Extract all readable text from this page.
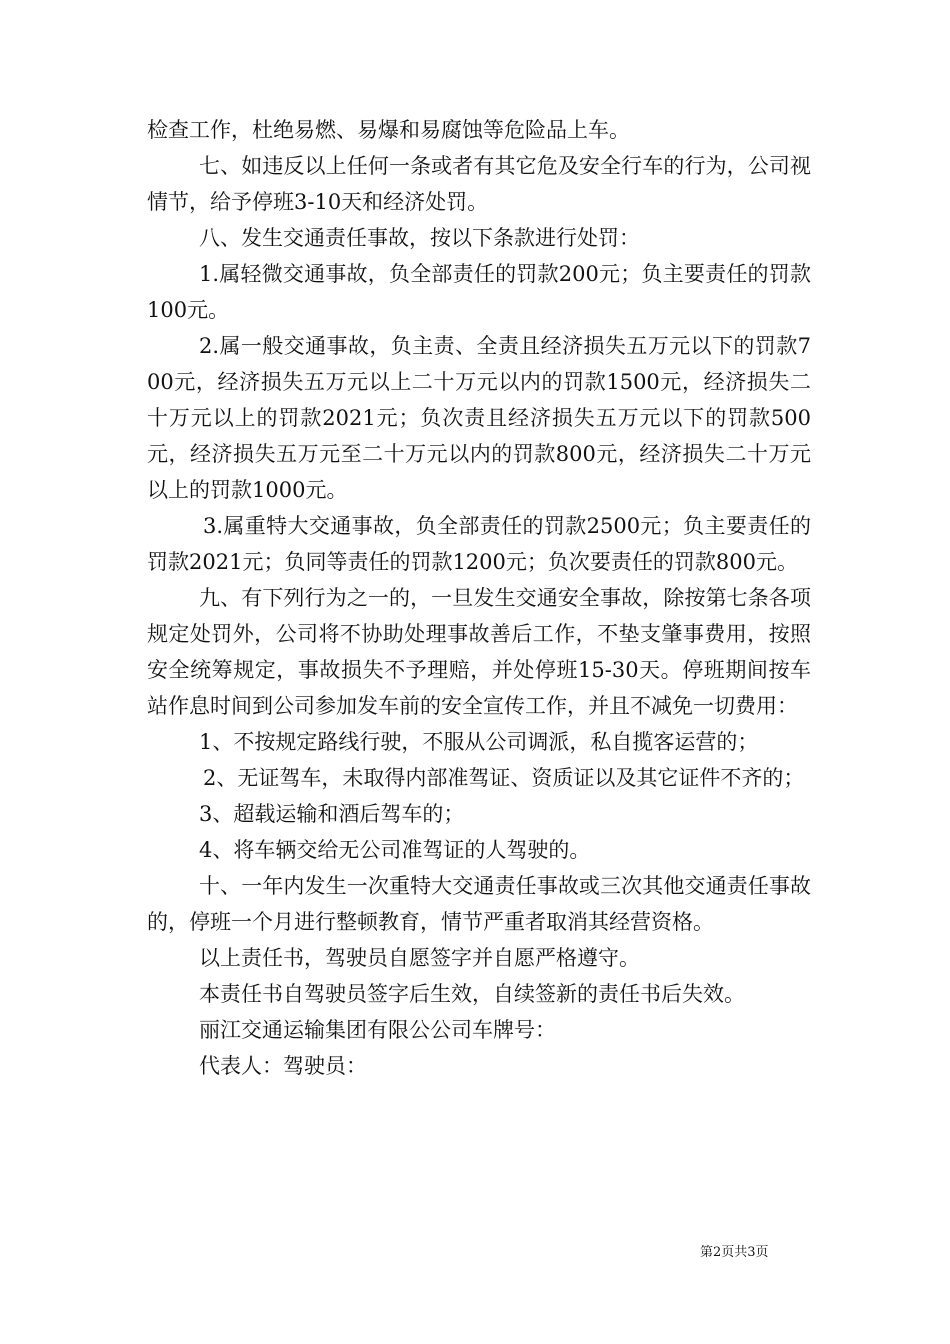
检查工作，杜绝易燃、易爆和易腐蚀等危险品上车。

七、如违反以上任何一条或者有其它危及安全行车的行为，公司视情节，给予停班3-10天和经济处罚。

八、发生交通责任事故，按以下条款进行处罚：

1.属轻微交通事故，负全部责任的罚款200元；负主要责任的罚款100元。

2.属一般交通事故，负主责、全责且经济损失五万元以下的罚款700元，经济损失五万元以上二十万元以内的罚款1500元，经济损失二十万元以上的罚款2021元；负次责且经济损失五万元以下的罚款500元，经济损失五万元至二十万元以内的罚款800元，经济损失二十万元以上的罚款1000元。

3.属重特大交通事故，负全部责任的罚款2500元；负主要责任的罚款2021元；负同等责任的罚款1200元；负次要责任的罚款800元。

九、有下列行为之一的，一旦发生交通安全事故，除按第七条各项规定处罚外，公司将不协助处理事故善后工作，不垫支肇事费用，按照安全统筹规定，事故损失不予理赔，并处停班15-30天。停班期间按车站作息时间到公司参加发车前的安全宣传工作，并且不减免一切费用：

1、不按规定路线行驶，不服从公司调派，私自揽客运营的；

2、无证驾车，未取得内部准驾证、资质证以及其它证件不齐的；

3、超载运输和酒后驾车的；

4、将车辆交给无公司准驾证的人驾驶的。

十、一年内发生一次重特大交通责任事故或三次其他交通责任事故的，停班一个月进行整顿教育，情节严重者取消其经营资格。

以上责任书，驾驶员自愿签字并自愿严格遵守。

本责任书自驾驶员签字后生效，自续签新的责任书后失效。

丽江交通运输集团有限公公司车牌号：

代表人：驾驶员：

第2页共3页
